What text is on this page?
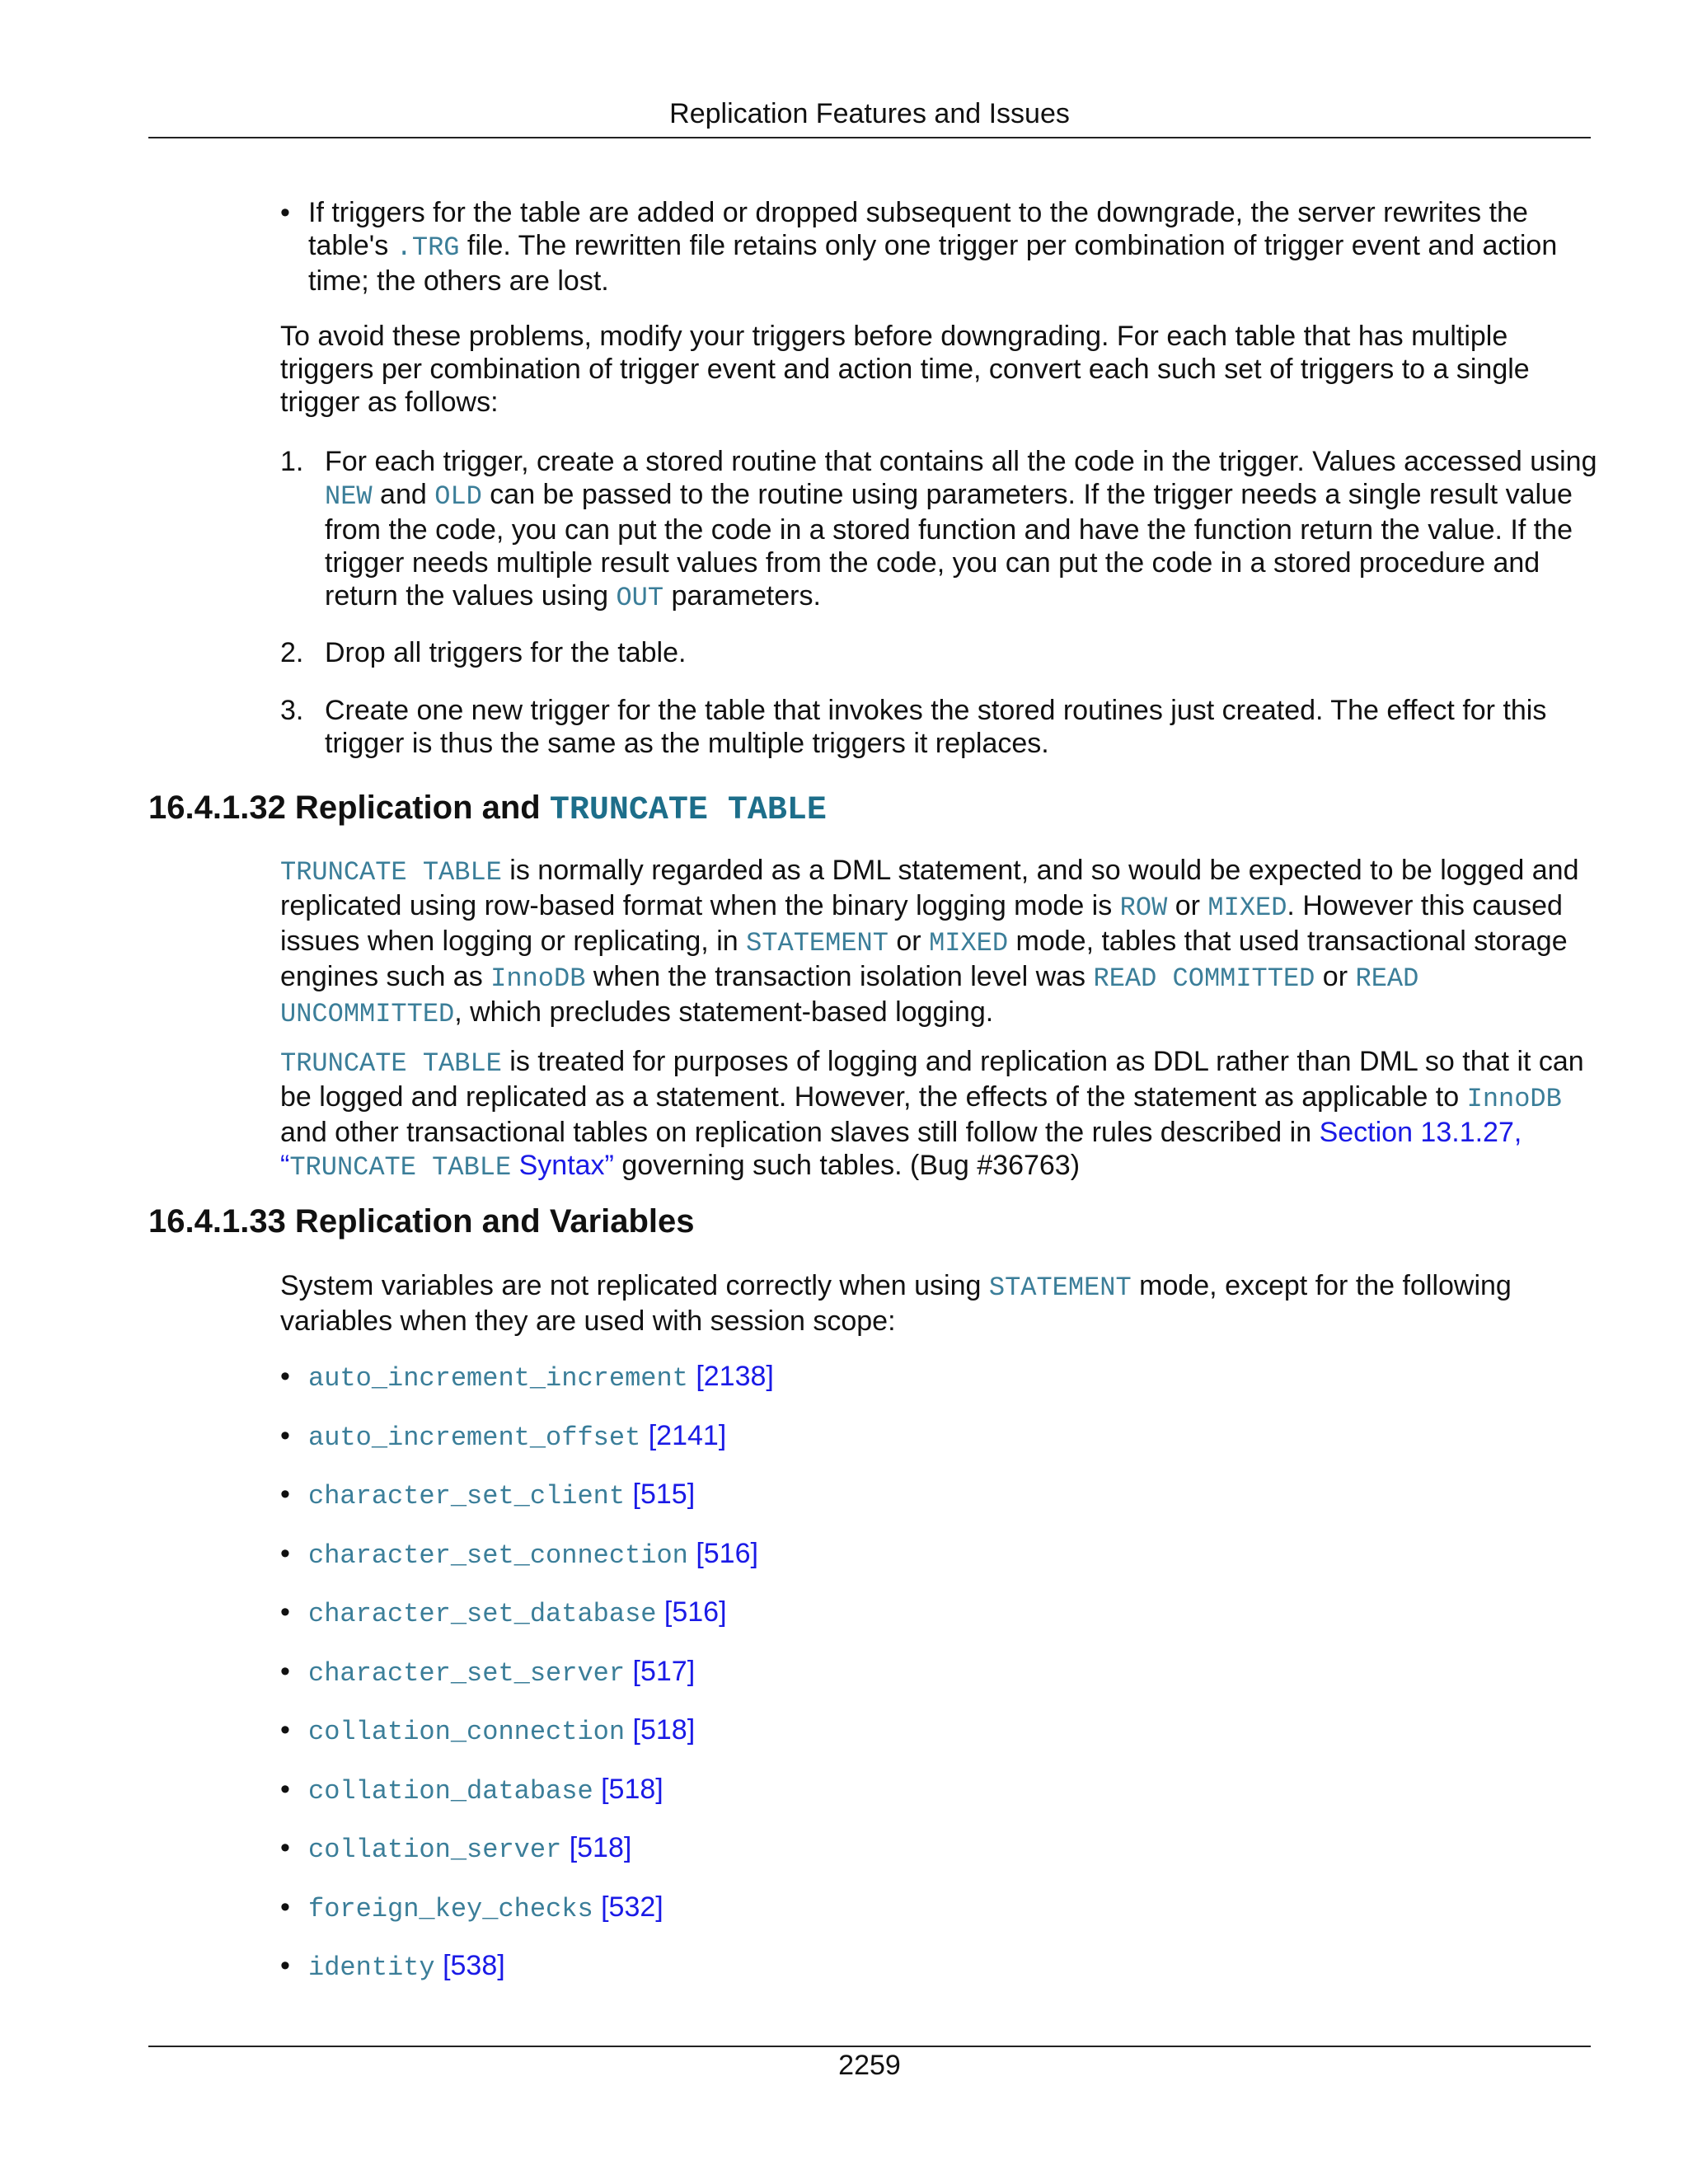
Replication Features and Issues
• If triggers for the table are added or dropped subsequent to the downgrade, the server rewrites the table's .TRG file. The rewritten file retains only one trigger per combination of trigger event and action time; the others are lost.

To avoid these problems, modify your triggers before downgrading. For each table that has multiple triggers per combination of trigger event and action time, convert each such set of triggers to a single trigger as follows:

1. For each trigger, create a stored routine that contains all the code in the trigger. Values accessed using NEW and OLD can be passed to the routine using parameters. If the trigger needs a single result value from the code, you can put the code in a stored function and have the function return the value. If the trigger needs multiple result values from the code, you can put the code in a stored procedure and return the values using OUT parameters.
2. Drop all triggers for the table.
3. Create one new trigger for the table that invokes the stored routines just created. The effect for this trigger is thus the same as the multiple triggers it replaces.
16.4.1.32 Replication and TRUNCATE TABLE

TRUNCATE TABLE is normally regarded as a DML statement, and so would be expected to be logged and replicated using row-based format when the binary logging mode is ROW or MIXED. However this caused issues when logging or replicating, in STATEMENT or MIXED mode, tables that used transactional storage engines such as InnoDB when the transaction isolation level was READ COMMITTED or READ UNCOMMITTED, which precludes statement-based logging.

TRUNCATE TABLE is treated for purposes of logging and replication as DDL rather than DML so that it can be logged and replicated as a statement. However, the effects of the statement as applicable to InnoDB and other transactional tables on replication slaves still follow the rules described in Section 13.1.27,
“TRUNCATE TABLE Syntax” governing such tables. (Bug #36763)

16.4.1.33 Replication and Variables

System variables are not replicated correctly when using STATEMENT mode, except for the following variables when they are used with session scope:

• auto_increment_increment [2138]
• auto_increment_offset [2141]
• character_set_client [515]
• character_set_connection [516]
• character_set_database [516]
• character_set_server [517]
• collation_connection [518]
• collation_database [518]
• collation_server [518]
• foreign_key_checks [532]
• identity [538]
2259
